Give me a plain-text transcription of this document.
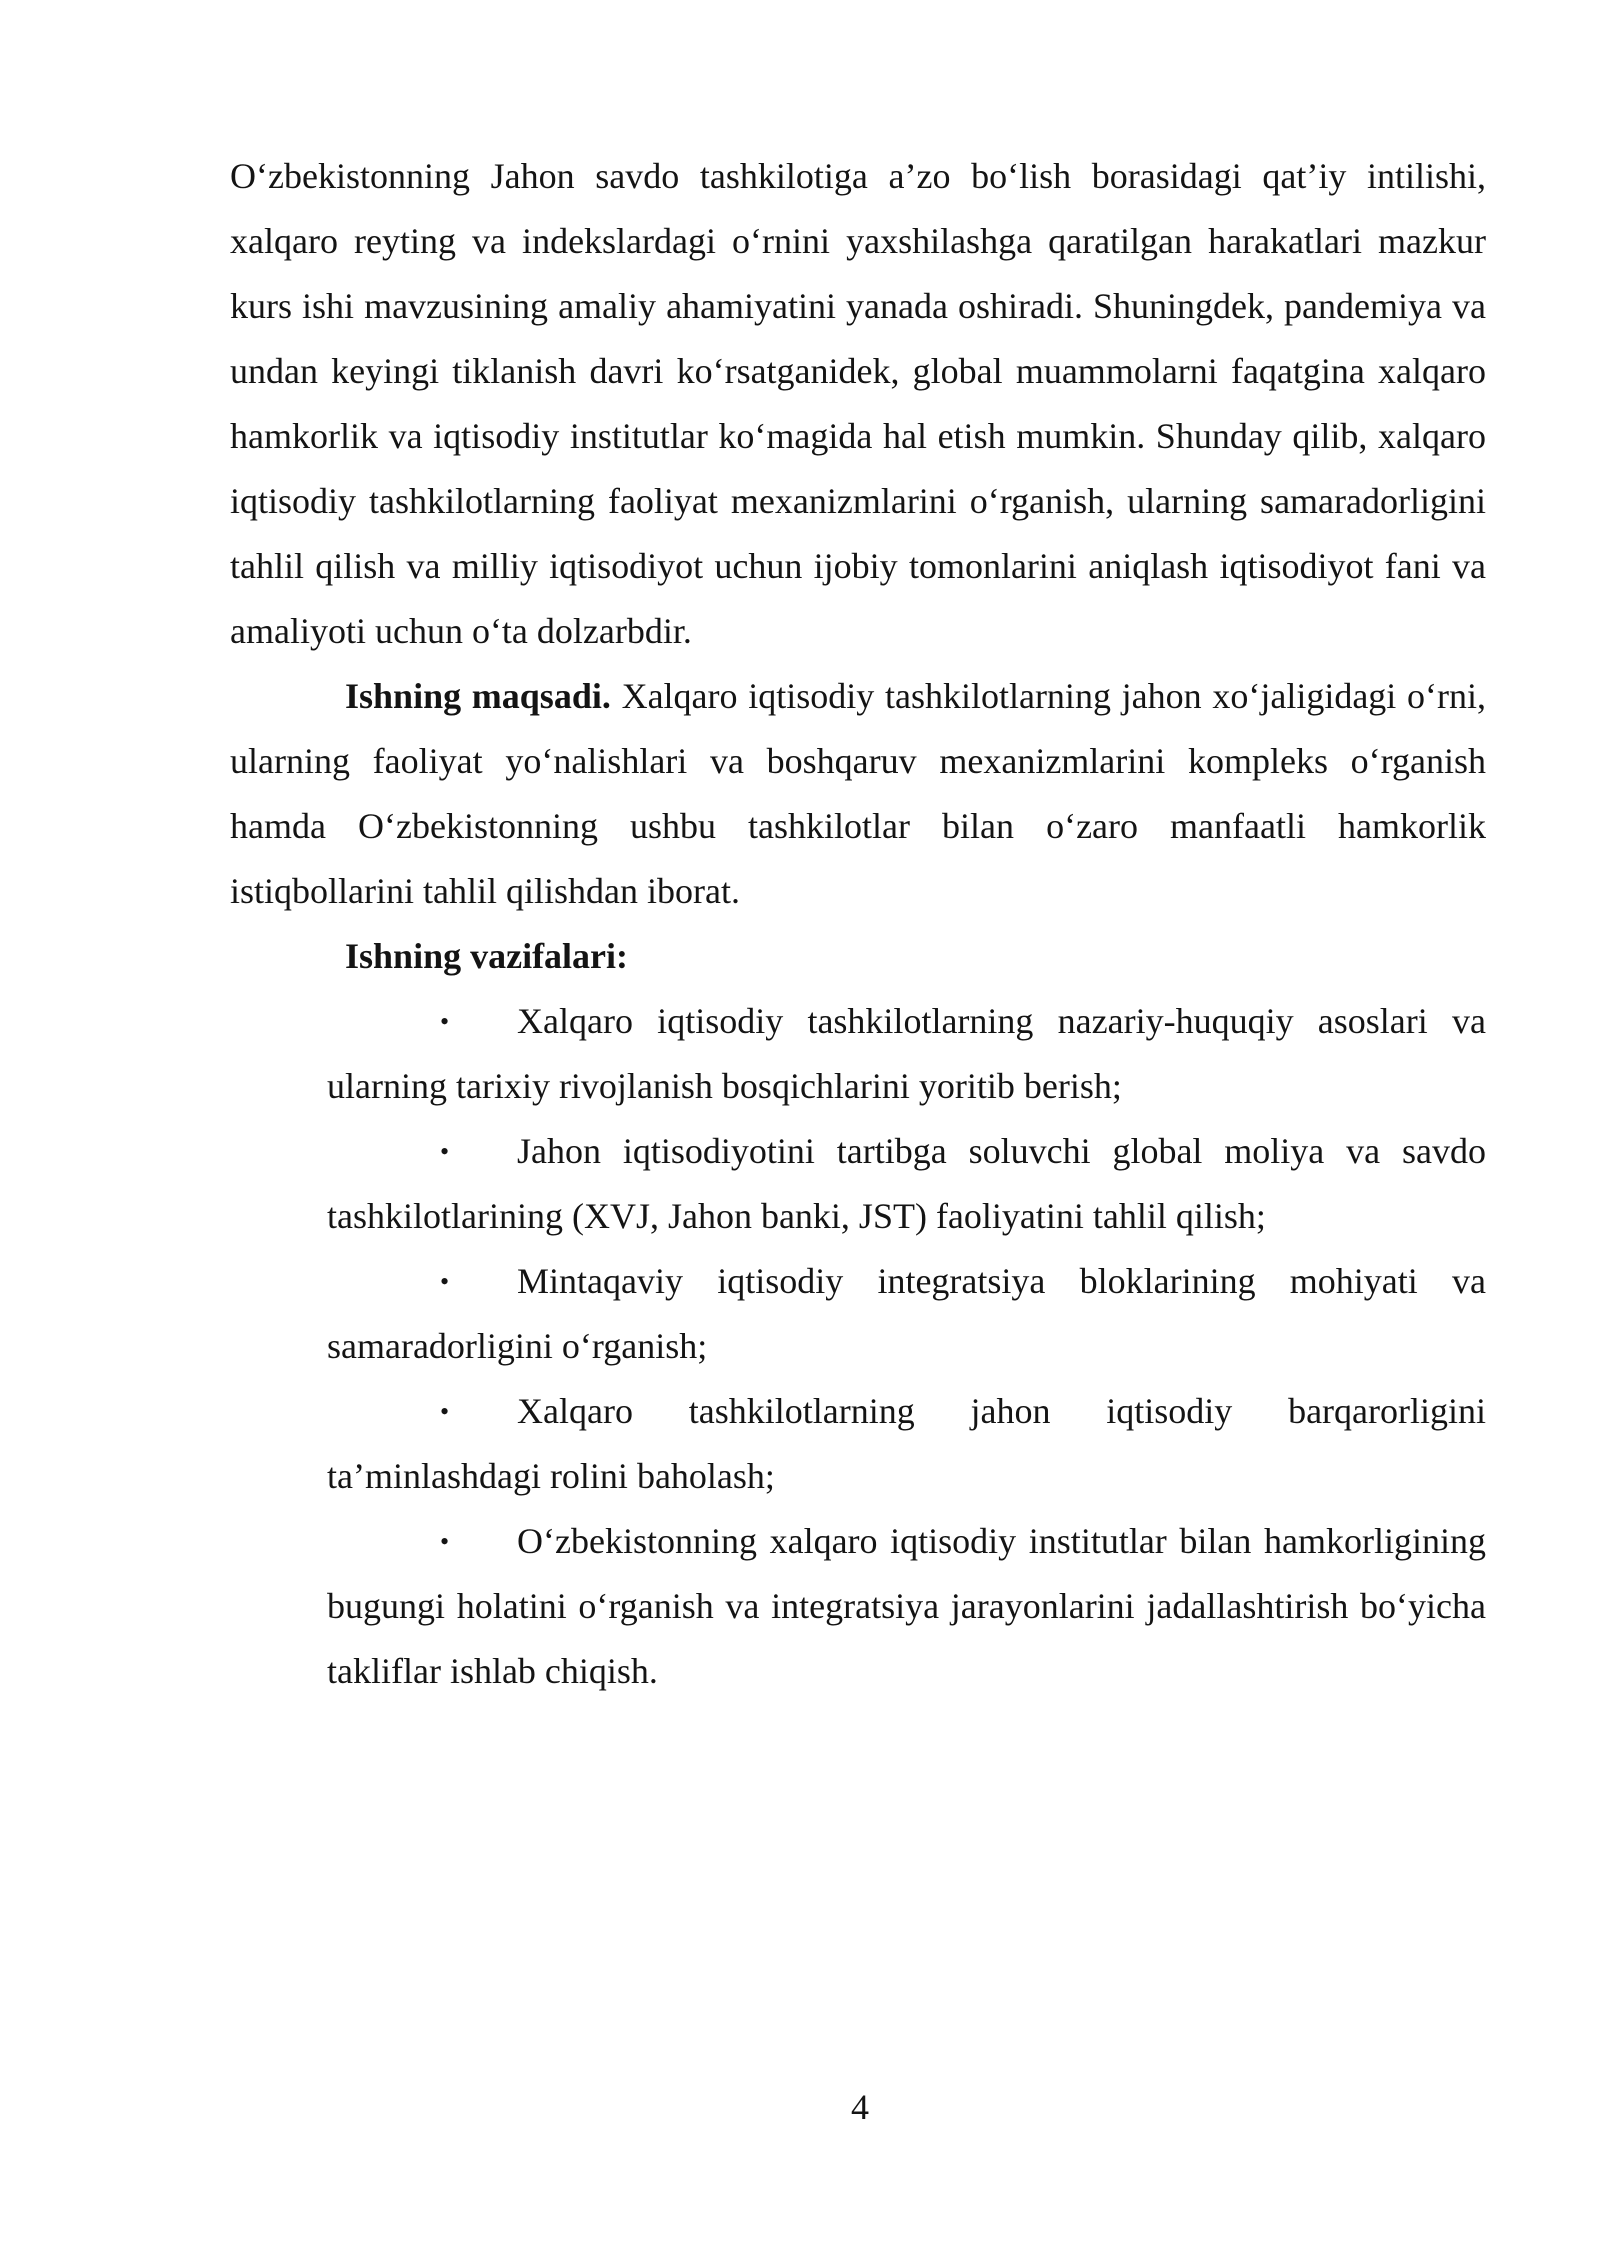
O‘zbekistonning Jahon savdo tashkilotiga a’zo bo‘lish borasidagi qat’iy intilishi, xalqaro reyting va indekslardagi o‘rnini yaxshilashga qaratilgan harakatlari mazkur kurs ishi mavzusining amaliy ahamiyatini yanada oshiradi. Shuningdek, pandemiya va undan keyingi tiklanish davri ko‘rsatganidek, global muammolarni faqatgina xalqaro hamkorlik va iqtisodiy institutlar ko‘magida hal etish mumkin. Shunday qilib, xalqaro iqtisodiy tashkilotlarning faoliyat mexanizmlarini o‘rganish, ularning samaradorligini tahlil qilish va milliy iqtisodiyot uchun ijobiy tomonlarini aniqlash iqtisodiyot fani va amaliyoti uchun o‘ta dolzarbdir.

Ishning maqsadi. Xalqaro iqtisodiy tashkilotlarning jahon xo‘jaligidagi o‘rni, ularning faoliyat yo‘nalishlari va boshqaruv mexanizmlarini kompleks o‘rganish hamda O‘zbekistonning ushbu tashkilotlar bilan o‘zaro manfaatli hamkorlik istiqbollarini tahlil qilishdan iborat.

Ishning vazifalari:

• Xalqaro iqtisodiy tashkilotlarning nazariy-huquqiy asoslari va ularning tarixiy rivojlanish bosqichlarini yoritib berish;
• Jahon iqtisodiyotini tartibga soluvchi global moliya va savdo tashkilotlarining (XVJ, Jahon banki, JST) faoliyatini tahlil qilish;
• Mintaqaviy iqtisodiy integratsiya bloklarining mohiyati va samaradorligini o‘rganish;
• Xalqaro tashkilotlarning jahon iqtisodiy barqarorligini ta’minlashdagi rolini baholash;
• O‘zbekistonning xalqaro iqtisodiy institutlar bilan hamkorligining bugungi holatini o‘rganish va integratsiya jarayonlarini jadallashtirish bo‘yicha takliflar ishlab chiqish.
4
